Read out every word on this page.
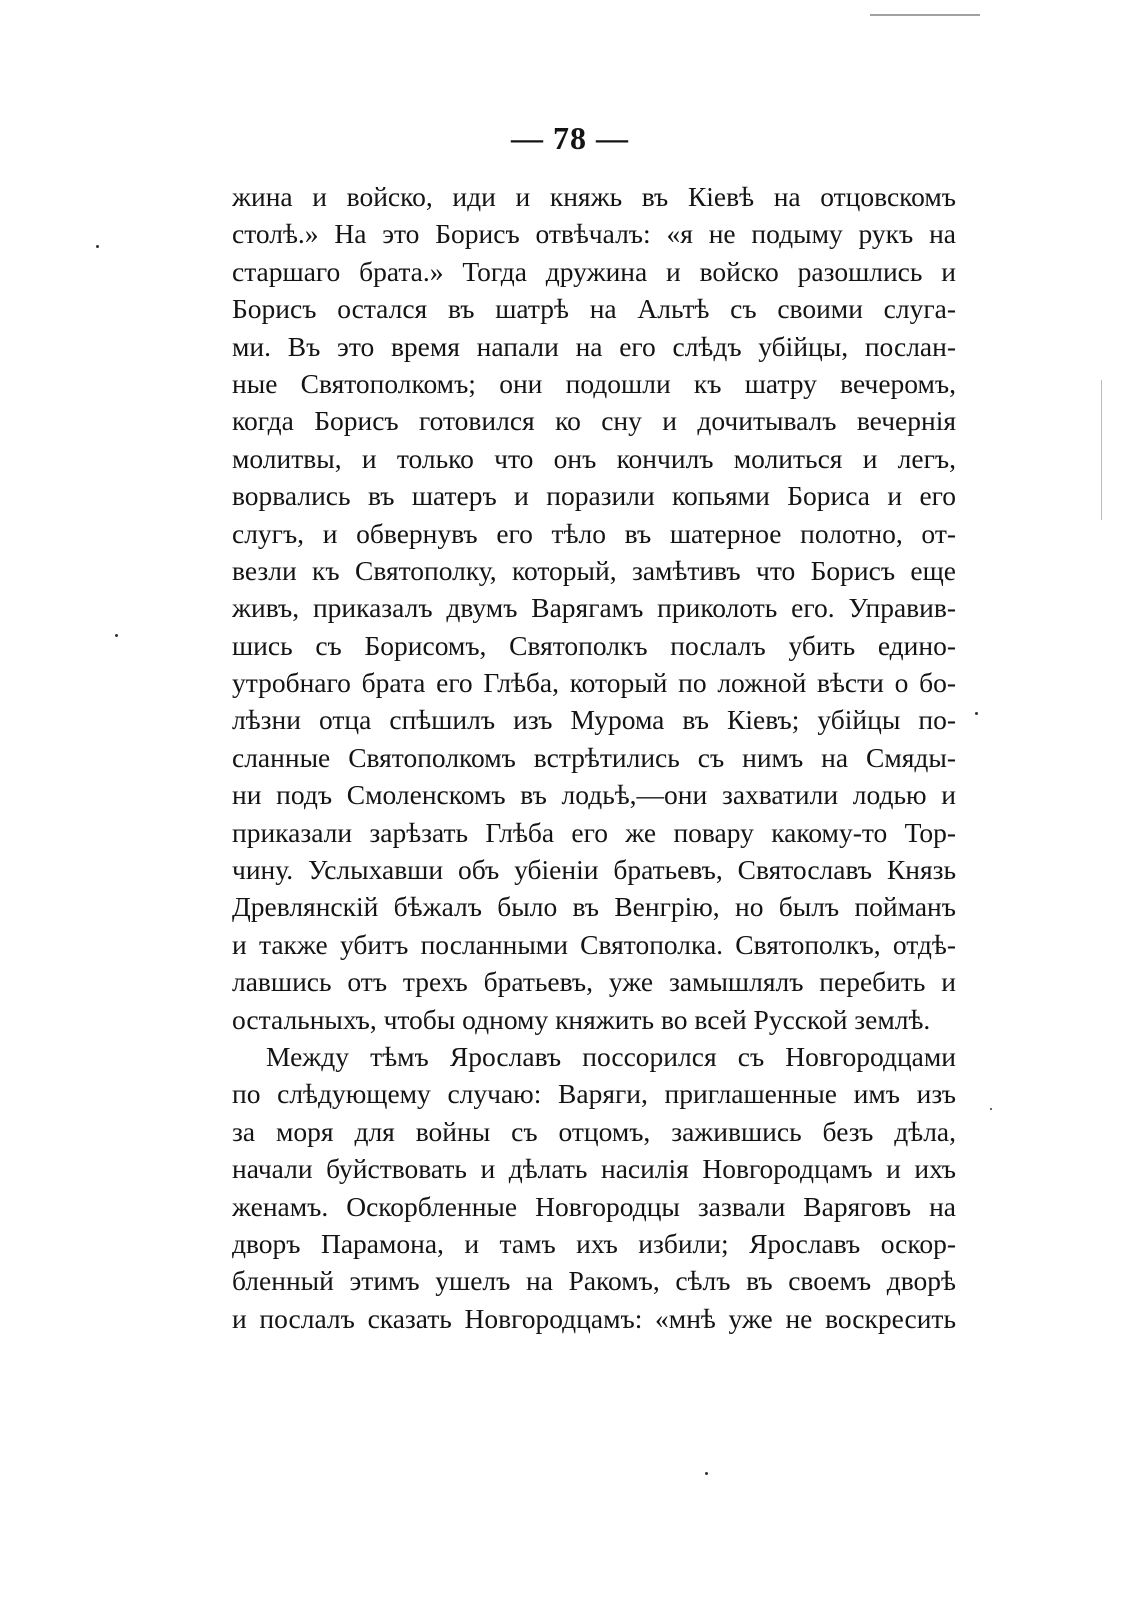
— 78 —
жина и войско, иди и княжь въ Кіевѣ на отцовскомъ
столѣ.» На это Борисъ отвѣчалъ: «я не подыму рукъ на
старшаго брата.» Тогда дружина и войско разошлись и
Борисъ остался въ шатрѣ на Альтѣ съ своими слуга-
ми. Въ это время напали на его слѣдъ убійцы, послан-
ные Святополкомъ; они подошли къ шатру вечеромъ,
когда Борисъ готовился ко сну и дочитывалъ вечернія
молитвы, и только что онъ кончилъ молиться и легъ,
ворвались въ шатеръ и поразили копьями Бориса и его
слугъ, и обвернувъ его тѣло въ шатерное полотно, от-
везли къ Святополку, который, замѣтивъ что Борисъ еще
живъ, приказалъ двумъ Варягамъ приколоть его. Управив-
шись съ Борисомъ, Святополкъ послалъ убить едино-
утробнаго брата его Глѣба, который по ложной вѣсти о бо-
лѣзни отца спѣшилъ изъ Мурома въ Кіевъ; убійцы по-
сланные Святополкомъ встрѣтились съ нимъ на Смяды-
ни подъ Смоленскомъ въ лодьѣ,—они захватили лодью и
приказали зарѣзать Глѣба его же повару какому-то Тор-
чину. Услыхавши объ убіеніи братьевъ, Святославъ Князь
Древлянскій бѣжалъ было въ Венгрію, но былъ пойманъ
и также убитъ посланными Святополка. Святополкъ, отдѣ-
лавшись отъ трехъ братьевъ, уже замышлялъ перебить и
остальныхъ, чтобы одному княжить во всей Русской землѣ.
Между тѣмъ Ярославъ поссорился съ Новгородцами
по слѣдующему случаю: Варяги, приглашенные имъ изъ
за моря для войны съ отцомъ, зажившись безъ дѣла,
начали буйствовать и дѣлать насилія Новгородцамъ и ихъ
женамъ. Оскорбленные Новгородцы зазвали Варяговъ на
дворъ Парамона, и тамъ ихъ избили; Ярославъ оскор-
бленный этимъ ушелъ на Ракомъ, сѣлъ въ своемъ дворѣ
и послалъ сказать Новгородцамъ: «мнѣ уже не воскресить
